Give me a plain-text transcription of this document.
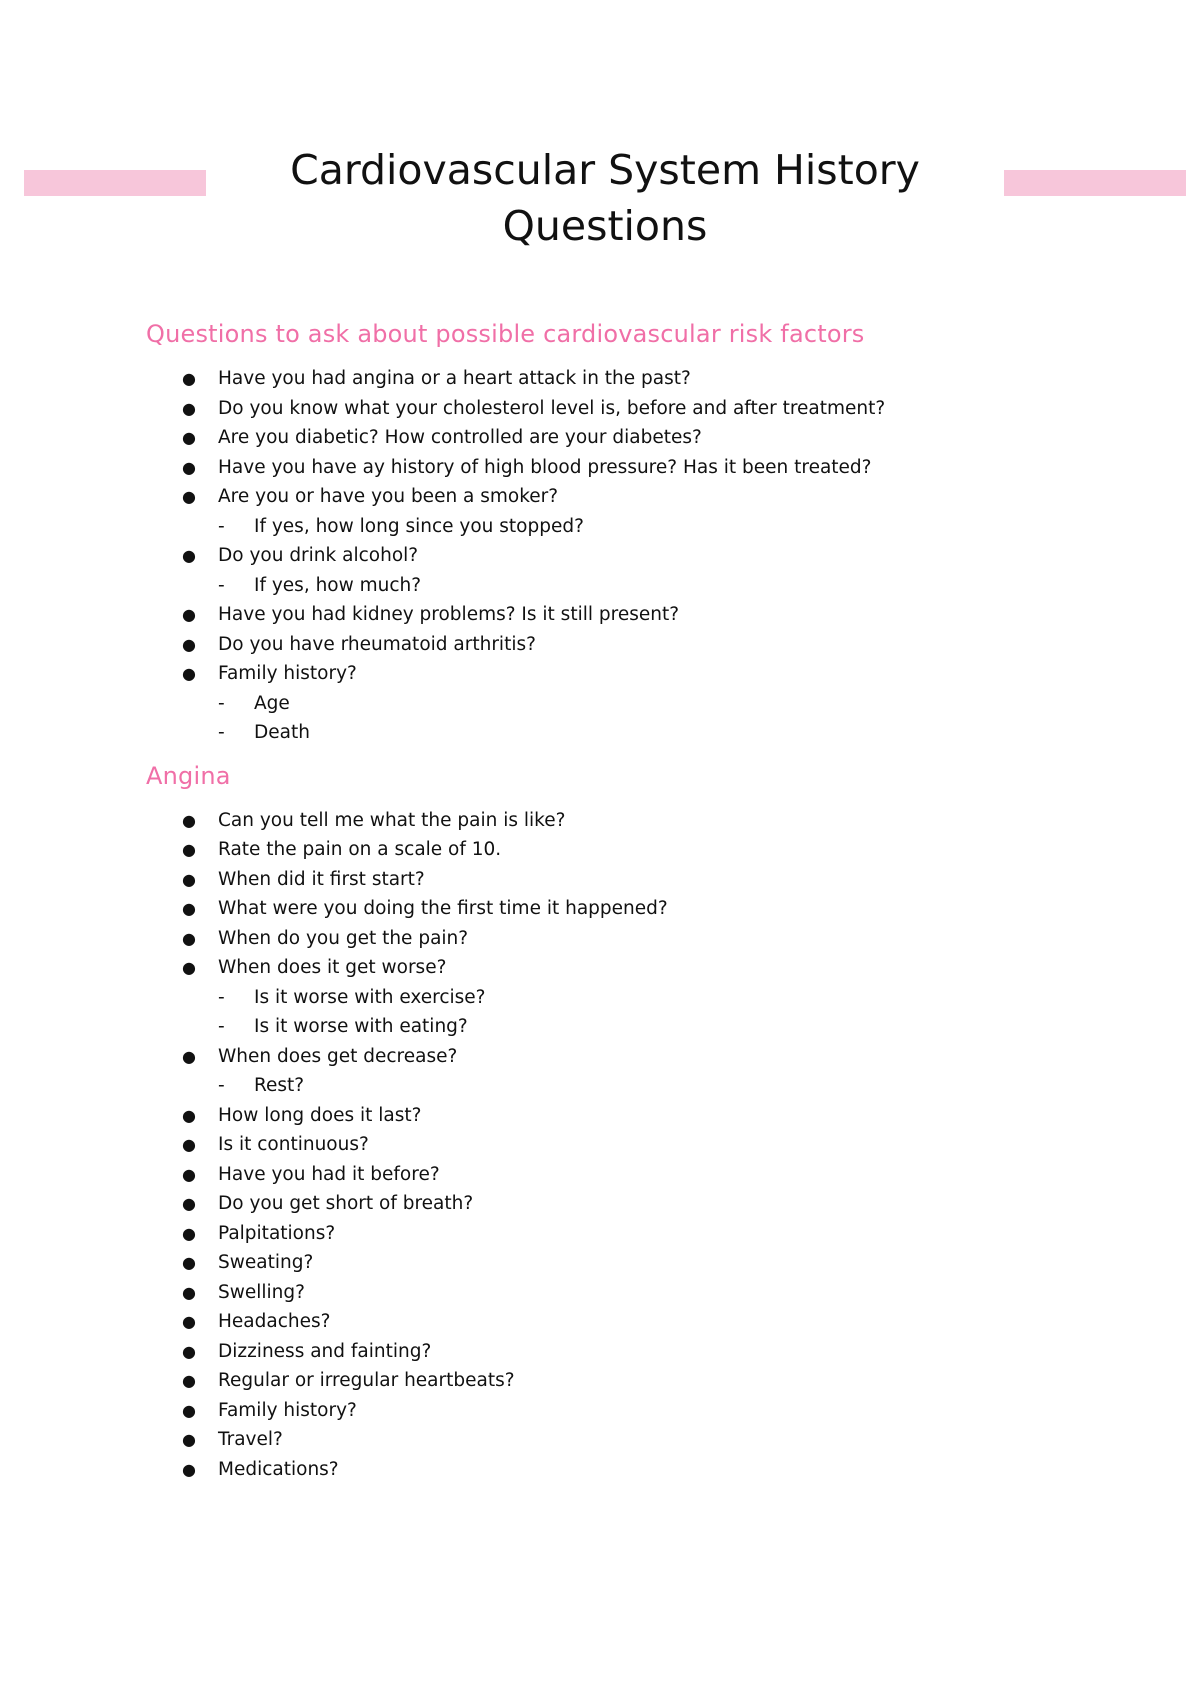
Cardiovascular System History Questions
Questions to ask about possible cardiovascular risk factors
● Have you had angina or a heart attack in the past?
● Do you know what your cholesterol level is, before and after treatment?
● Are you diabetic? How controlled are your diabetes?
● Have you have ay history of high blood pressure? Has it been treated?
● Are you or have you been a smoker?
- If yes, how long since you stopped?
● Do you drink alcohol?
- If yes, how much?
● Have you had kidney problems? Is it still present?
● Do you have rheumatoid arthritis?
● Family history?
- Age
- Death
Angina
● Can you tell me what the pain is like?
● Rate the pain on a scale of 10.
● When did it first start?
● What were you doing the first time it happened?
● When do you get the pain?
● When does it get worse?
- Is it worse with exercise?
- Is it worse with eating?
● When does get decrease?
- Rest?
● How long does it last?
● Is it continuous?
● Have you had it before?
● Do you get short of breath?
● Palpitations?
● Sweating?
● Swelling?
● Headaches?
● Dizziness and fainting?
● Regular or irregular heartbeats?
● Family history?
● Travel?
● Medications?
